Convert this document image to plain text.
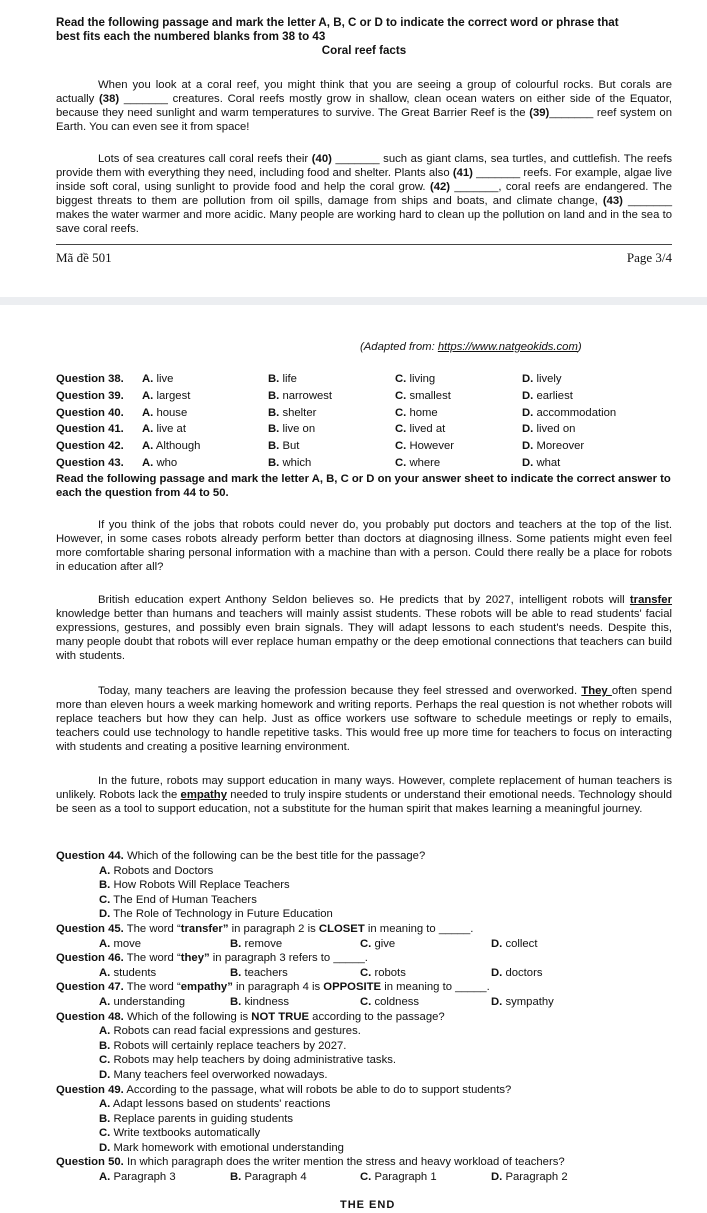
Read the following passage and mark the letter A, B, C or D to indicate the correct word or phrase that
best fits each the numbered blanks from 38 to 43
Coral reef facts

When you look at a coral reef, you might think that you are seeing a group of colourful rocks. But corals are actually (38) _______ creatures. Coral reefs mostly grow in shallow, clean ocean waters on either side of the Equator, because they need sunlight and warm temperatures to survive. The Great Barrier Reef is the (39)_______ reef system on Earth. You can even see it from space!

Lots of sea creatures call coral reefs their (40) _______ such as giant clams, sea turtles, and cuttlefish. The reefs provide them with everything they need, including food and shelter. Plants also (41) _______ reefs. For example, algae live inside soft coral, using sunlight to provide food and help the coral grow. (42) _______, coral reefs are endangered. The biggest threats to them are pollution from oil spills, damage from ships and boats, and climate change, (43) _______ makes the water warmer and more acidic. Many people are working hard to clean up the pollution on land and in the sea to save coral reefs.

Mã đề 501	Page 3/4
(Adapted from: https://www.natgeokids.com)
Question 38. A. live	B. life	C. living	D. lively
Question 39. A. largest	B. narrowest	C. smallest	D. earliest
Question 40. A. house	B. shelter	C. home	D. accommodation
Question 41. A. live at	B. live on	C. lived at	D. lived on
Question 42. A. Although	B. But	C. However	D. Moreover
Question 43. A. who	B. which	C. where	D. what
Read the following passage and mark the letter A, B, C or D on your answer sheet to indicate the correct answer to each the question from 44 to 50.

If you think of the jobs that robots could never do, you probably put doctors and teachers at the top of the list. However, in some cases robots already perform better than doctors at diagnosing illness. Some patients might even feel more comfortable sharing personal information with a machine than with a person. Could there really be a place for robots in education after all?

British education expert Anthony Seldon believes so. He predicts that by 2027, intelligent robots will transfer knowledge better than humans and teachers will mainly assist students. These robots will be able to read students' facial expressions, gestures, and possibly even brain signals. They will adapt lessons to each student's needs. Despite this, many people doubt that robots will ever replace human empathy or the deep emotional connections that teachers can build with students.

Today, many teachers are leaving the profession because they feel stressed and overworked. They often spend more than eleven hours a week marking homework and writing reports. Perhaps the real question is not whether robots will replace teachers but how they can help. Just as office workers use software to schedule meetings or reply to emails, teachers could use technology to handle repetitive tasks. This would free up more time for teachers to focus on interacting with students and creating a positive learning environment.

In the future, robots may support education in many ways. However, complete replacement of human teachers is unlikely. Robots lack the empathy needed to truly inspire students or understand their emotional needs. Technology should be seen as a tool to support education, not a substitute for the human spirit that makes learning a meaningful journey.

Question 44. Which of the following can be the best title for the passage?
A. Robots and Doctors
B. How Robots Will Replace Teachers
C. The End of Human Teachers
D. The Role of Technology in Future Education
Question 45. The word “transfer” in paragraph 2 is CLOSET in meaning to _____.
A. move	B. remove	C. give	D. collect
Question 46. The word “they” in paragraph 3 refers to _____.
A. students	B. teachers	C. robots	D. doctors
Question 47. The word “empathy” in paragraph 4 is OPPOSITE in meaning to _____.
A. understanding	B. kindness	C. coldness	D. sympathy
Question 48. Which of the following is NOT TRUE according to the passage?
A. Robots can read facial expressions and gestures.
B. Robots will certainly replace teachers by 2027.
C. Robots may help teachers by doing administrative tasks.
D. Many teachers feel overworked nowadays.
Question 49. According to the passage, what will robots be able to do to support students?
A. Adapt lessons based on students' reactions
B. Replace parents in guiding students
C. Write textbooks automatically
D. Mark homework with emotional understanding
Question 50. In which paragraph does the writer mention the stress and heavy workload of teachers?
A. Paragraph 3	B. Paragraph 4	C. Paragraph 1	D. Paragraph 2
THE END
